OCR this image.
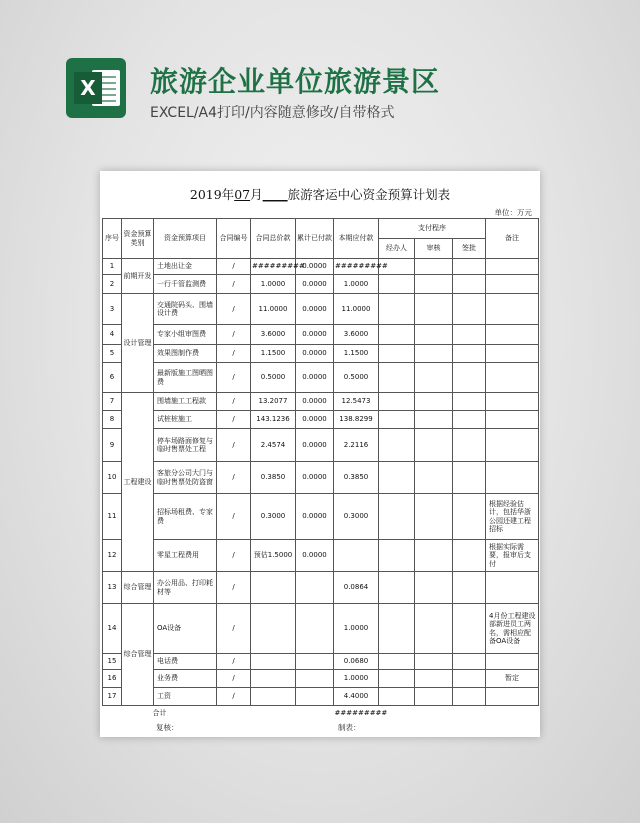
X 旅游企业单位旅游景区
EXCEL/A4打印/内容随意修改/自带格式
2019年07月____旅游客运中心资金预算计划表
单位：万元
序号	资金预算类别	资金预算项目	合同编号	合同总价款	累计已付款	本期应付款	支付程序			备注
							经办人	审核	签批	
1	前期开发	土地出让金	/	#########	0.0000	#########				
2		一行千管监测费	/	1.0000	0.0000	1.0000				
3	设计管理	交通院码头、围墙设计费	/	11.0000	0.0000	11.0000				
4		专家小组审图费	/	3.6000	0.0000	3.6000				
5		效果图制作费	/	1.1500	0.0000	1.1500				
6		最新版施工图晒图费	/	0.5000	0.0000	0.5000				
7	工程建设	围墙施工工程款	/	13.2077	0.0000	12.5473				
8		试桩桩施工	/	143.1236	0.0000	138.8299				
9		停车场路面修复与临时售票处工程	/	2.4574	0.0000	2.2116				
10		客旅分公司大门与临时售票处防盗窗	/	0.3850	0.0000	0.3850				
11		招标场租费、专家费	/	0.3000	0.0000	0.3000				根据经验估计，包括华浙公园还建工程招标
12		零星工程费用	/	预估1.5000	0.0000					根据实际需要，报审后支付
13	综合管理	办公用品、打印耗材等	/			0.0864				
14	综合管理	OA设备	/			1.0000				4月份工程建设部新进员工两名，需相应配备OA设备
15		电话费	/			0.0680				
16		业务费	/			1.0000				暂定
17		工资	/			4.4000				
合计						#########				
复核：	制表：
